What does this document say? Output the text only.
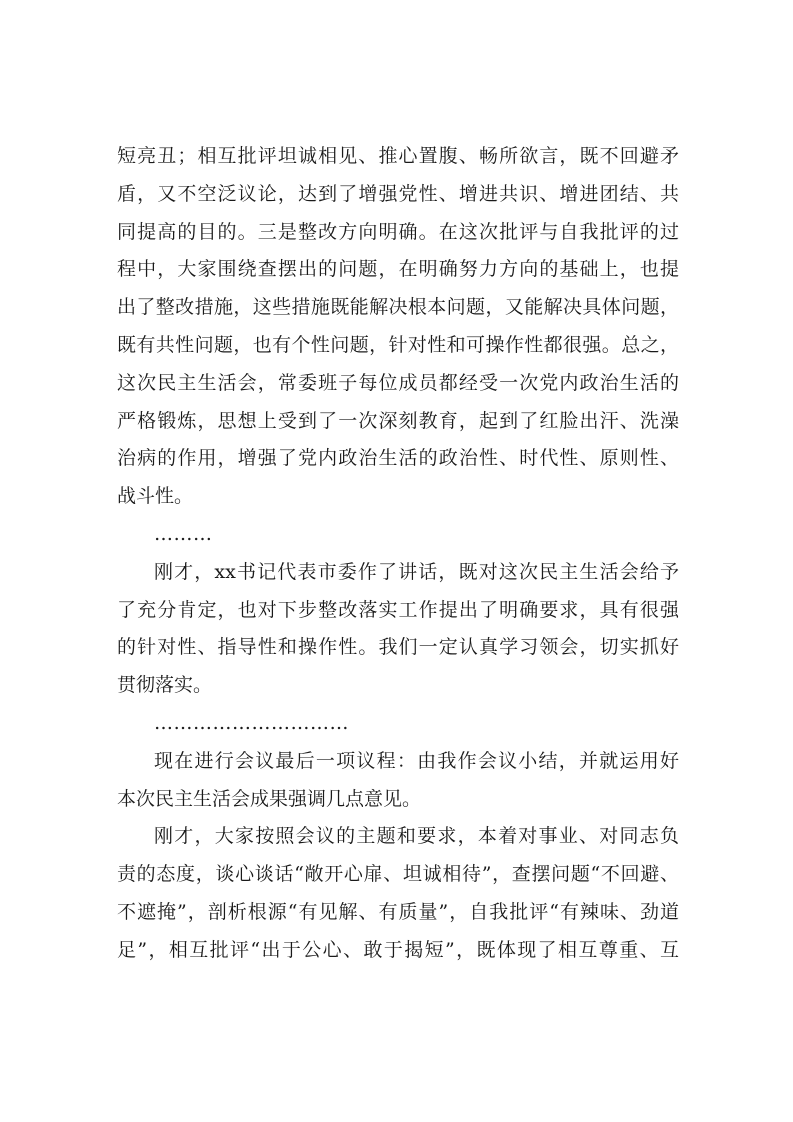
短亮丑；相互批评坦诚相见、推心置腹、畅所欲言，既不回避矛
盾，又不空泛议论，达到了增强党性、增进共识、增进团结、共
同提高的目的。三是整改方向明确。在这次批评与自我批评的过
程中，大家围绕查摆出的问题，在明确努力方向的基础上，也提
出了整改措施，这些措施既能解决根本问题，又能解决具体问题，
既有共性问题，也有个性问题，针对性和可操作性都很强。总之，
这次民主生活会，常委班子每位成员都经受一次党内政治生活的
严格锻炼，思想上受到了一次深刻教育，起到了红脸出汗、洗澡
治病的作用，增强了党内政治生活的政治性、时代性、原则性、
战斗性。
………
刚才，xx书记代表市委作了讲话，既对这次民主生活会给予
了充分肯定，也对下步整改落实工作提出了明确要求，具有很强
的针对性、指导性和操作性。我们一定认真学习领会，切实抓好
贯彻落实。
…………………………
现在进行会议最后一项议程：由我作会议小结，并就运用好
本次民主生活会成果强调几点意见。
刚才，大家按照会议的主题和要求，本着对事业、对同志负
责的态度，谈心谈话“敞开心扉、坦诚相待”，查摆问题“不回避、
不遮掩”，剖析根源“有见解、有质量”，自我批评“有辣味、劲道
足”，相互批评“出于公心、敢于揭短”，既体现了相互尊重、互
